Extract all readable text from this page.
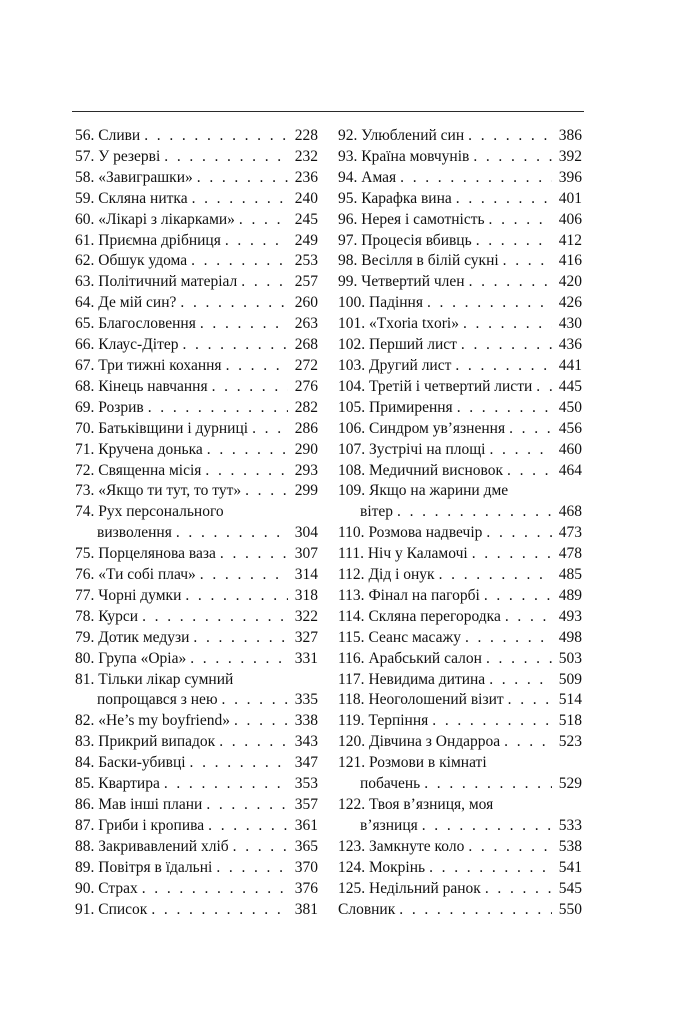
56. Сливи . . .	228
57. У резерві . . .	232
58. «Завиграшки» . . .	236
59. Скляна нитка . . .	240
60. «Лікарі з лікарками» . . .	245
61. Приємна дрібниця . . .	249
62. Обшук удома . . .	253
63. Політичний матеріал . . .	257
64. Де мій син? . . .	260
65. Благословення . . .	263
66. Клаус-Дітер . . .	268
67. Три тижні кохання . . .	272
68. Кінець навчання . . .	276
69. Розрив . . .	282
70. Батьківщини і дурниці . . .	286
71. Кручена донька . . .	290
72. Священна місія . . .	293
73. «Якщо ти тут, то тут» . . .	299
74. Рух персонального
визволення . . .	304
75. Порцелянова ваза . . .	307
76. «Ти собі плач» . . .	314
77. Чорні думки . . .	318
78. Курси . . .	322
79. Дотик медузи . . .	327
80. Група «Оріа» . . .	331
81. Тільки лікар сумний
попрощався з нею . . .	335
82. «He’s my boyfriend» . . .	338
83. Прикрий випадок . . .	343
84. Баски-убивці . . .	347
85. Квартира . . .	353
86. Мав інші плани . . .	357
87. Гриби і кропива . . .	361
88. Закривавлений хліб . . .	365
89. Повітря в їдальні . . .	370
90. Страх . . .	376
91. Список . . .	381
92. Улюблений син . . .	386
93. Країна мовчунів . . .	392
94. Амая . . .	396
95. Карафка вина . . .	401
96. Нерея і самотність . . .	406
97. Процесія вбивць . . .	412
98. Весілля в білій сукні . . .	416
99. Четвертий член . . .	420
100. Падіння . . .	426
101. «Txoria txori» . . .	430
102. Перший лист . . .	436
103. Другий лист . . .	441
104. Третій і четвертий листи . . . 445
105. Примирення . . .	450
106. Синдром ув’язнення . . .	456
107. Зустрічі на площі . . .	460
108. Медичний висновок . . .	464
109. Якщо на жарини дме
вітер . . .	468
110. Розмова надвечір . . .	473
111. Ніч у Каламочі . . .	478
112. Дід і онук . . .	485
113. Фінал на пагорбі . . .	489
114. Скляна перегородка . . .	493
115. Сеанс масажу . . .	498
116. Арабський салон . . .	503
117. Невидима дитина . . .	509
118. Неоголошений візит . . .	514
119. Терпіння . . .	518
120. Дівчина з Ондарроа . . .	523
121. Розмови в кімнаті
побачень . . .	529
122. Твоя в’язниця, моя
в’язниця . . .	533
123. Замкнуте коло . . .	538
124. Мокрінь . . .	541
125. Недільний ранок . . .	545
Словник . . .	550
